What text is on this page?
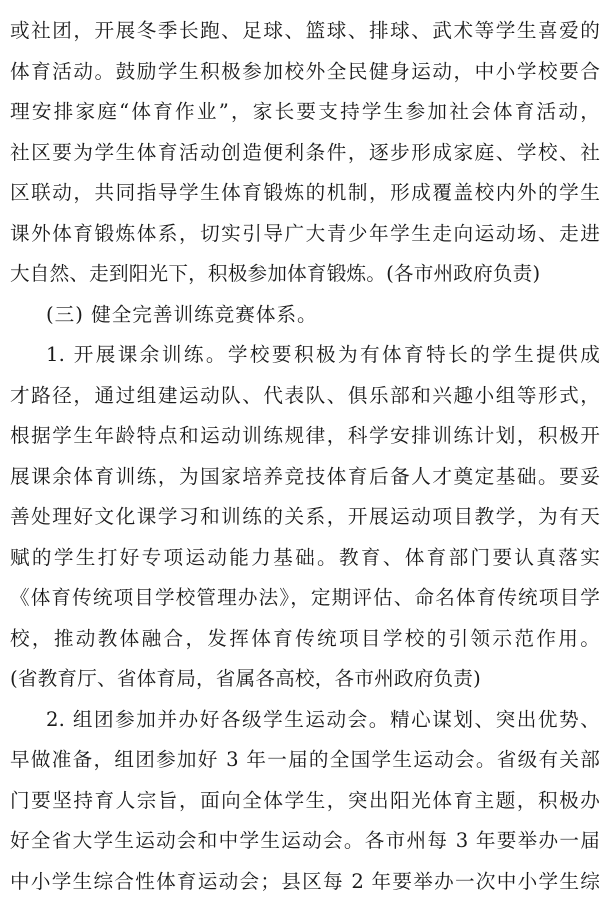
或社团，开展冬季长跑、足球、篮球、排球、武术等学生喜爱的
体育活动。鼓励学生积极参加校外全民健身运动，中小学校要合
理安排家庭“体育作业”，家长要支持学生参加社会体育活动，
社区要为学生体育活动创造便利条件，逐步形成家庭、学校、社
区联动，共同指导学生体育锻炼的机制，形成覆盖校内外的学生
课外体育锻炼体系，切实引导广大青少年学生走向运动场、走进
大自然、走到阳光下，积极参加体育锻炼。(各市州政府负责)
(三) 健全完善训练竞赛体系。
1. 开展课余训练。学校要积极为有体育特长的学生提供成
才路径，通过组建运动队、代表队、俱乐部和兴趣小组等形式，
根据学生年龄特点和运动训练规律，科学安排训练计划，积极开
展课余体育训练，为国家培养竞技体育后备人才奠定基础。要妥
善处理好文化课学习和训练的关系，开展运动项目教学，为有天
赋的学生打好专项运动能力基础。教育、体育部门要认真落实
《体育传统项目学校管理办法》，定期评估、命名体育传统项目学
校，推动教体融合，发挥体育传统项目学校的引领示范作用。
(省教育厅、省体育局，省属各高校，各市州政府负责)
2. 组团参加并办好各级学生运动会。精心谋划、突出优势、
早做准备，组团参加好 3 年一届的全国学生运动会。省级有关部
门要坚持育人宗旨，面向全体学生，突出阳光体育主题，积极办
好全省大学生运动会和中学生运动会。各市州每 3 年要举办一届
中小学生综合性体育运动会；县区每 2 年要举办一次中小学生综
